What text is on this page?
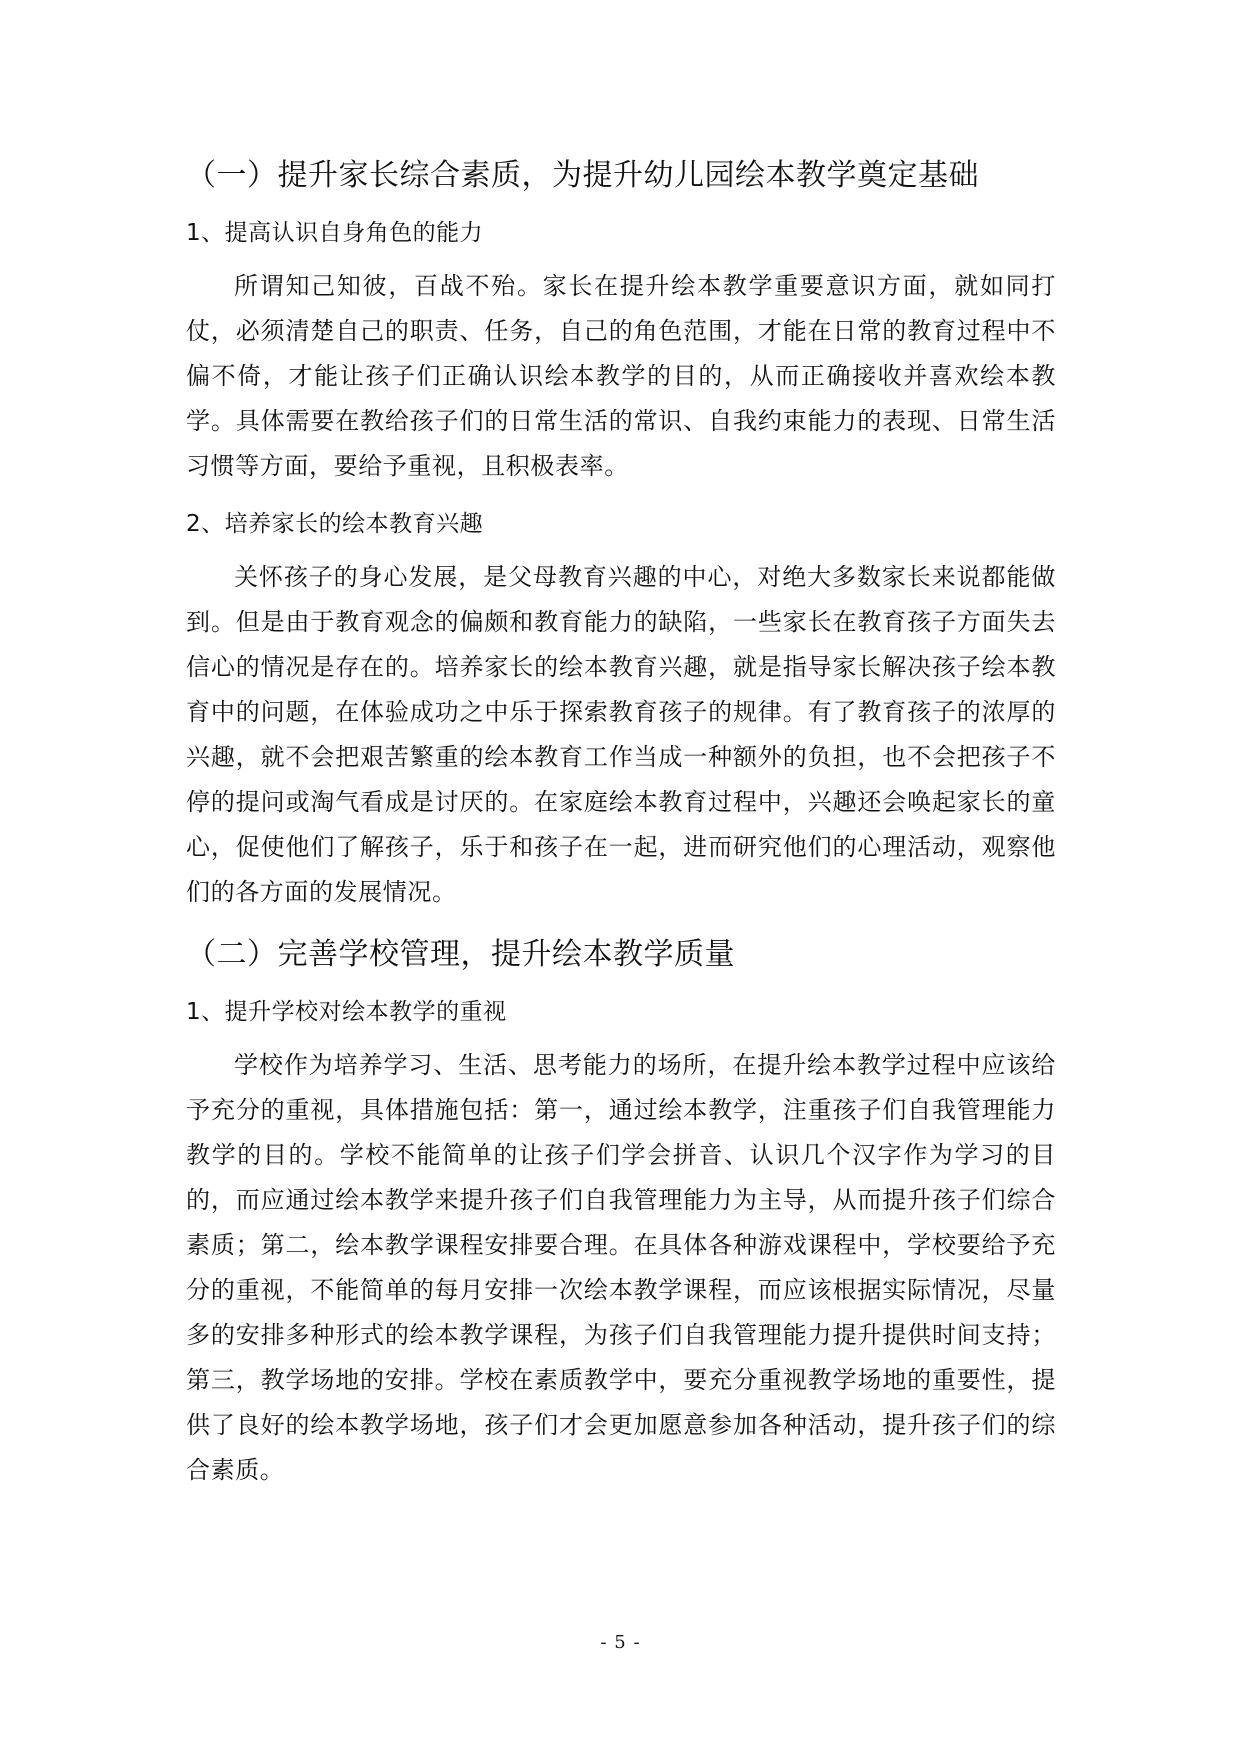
（一）提升家长综合素质，为提升幼儿园绘本教学奠定基础
1、提高认识自身角色的能力

所谓知己知彼，百战不殆。家长在提升绘本教学重要意识方面，就如同打仗，必须清楚自己的职责、任务，自己的角色范围，才能在日常的教育过程中不偏不倚，才能让孩子们正确认识绘本教学的目的，从而正确接收并喜欢绘本教学。具体需要在教给孩子们的日常生活的常识、自我约束能力的表现、日常生活习惯等方面，要给予重视，且积极表率。

2、培养家长的绘本教育兴趣

关怀孩子的身心发展，是父母教育兴趣的中心，对绝大多数家长来说都能做到。但是由于教育观念的偏颇和教育能力的缺陷，一些家长在教育孩子方面失去信心的情况是存在的。培养家长的绘本教育兴趣，就是指导家长解决孩子绘本教育中的问题，在体验成功之中乐于探索教育孩子的规律。有了教育孩子的浓厚的兴趣，就不会把艰苦繁重的绘本教育工作当成一种额外的负担，也不会把孩子不停的提问或淘气看成是讨厌的。在家庭绘本教育过程中，兴趣还会唤起家长的童心，促使他们了解孩子，乐于和孩子在一起，进而研究他们的心理活动，观察他们的各方面的发展情况。

（二）完善学校管理，提升绘本教学质量
1、提升学校对绘本教学的重视

学校作为培养学习、生活、思考能力的场所，在提升绘本教学过程中应该给予充分的重视，具体措施包括：第一，通过绘本教学，注重孩子们自我管理能力教学的目的。学校不能简单的让孩子们学会拼音、认识几个汉字作为学习的目的，而应通过绘本教学来提升孩子们自我管理能力为主导，从而提升孩子们综合素质；第二，绘本教学课程安排要合理。在具体各种游戏课程中，学校要给予充分的重视，不能简单的每月安排一次绘本教学课程，而应该根据实际情况，尽量多的安排多种形式的绘本教学课程，为孩子们自我管理能力提升提供时间支持；第三，教学场地的安排。学校在素质教学中，要充分重视教学场地的重要性，提供了良好的绘本教学场地，孩子们才会更加愿意参加各种活动，提升孩子们的综合素质。

- 5 -
